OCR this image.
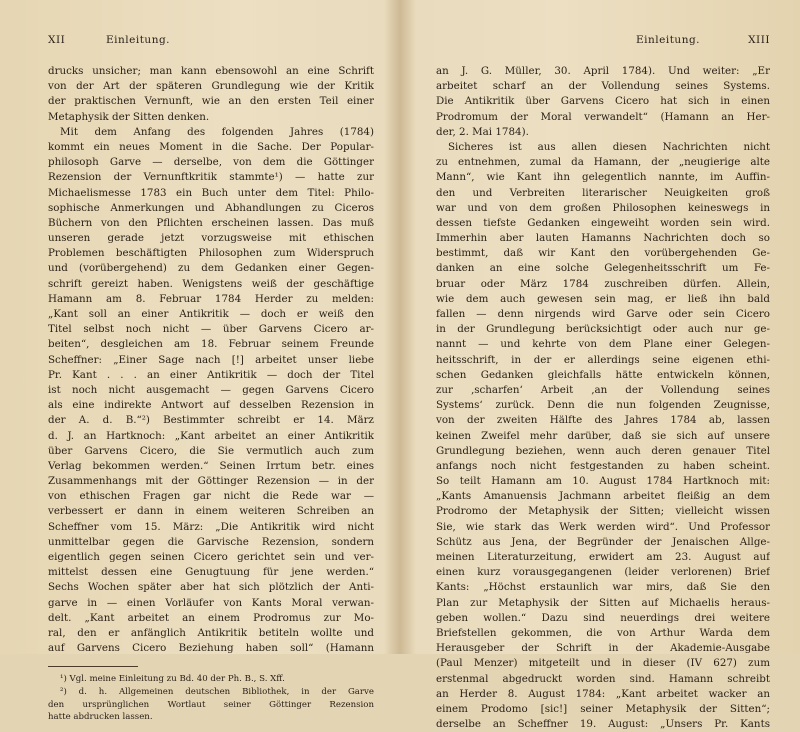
XII	Einleitung.
drucks unsicher; man kann ebensowohl an eine Schrift
von der Art der späteren Grundlegung wie der Kritik
der praktischen Vernunft, wie an den ersten Teil einer
Metaphysik der Sitten denken.
Mit dem Anfang des folgenden Jahres (1784)
kommt ein neues Moment in die Sache. Der Popular-
philosoph Garve — derselbe, von dem die Göttinger
Rezension der Vernunftkritik stammte¹) — hatte zur
Michaelismesse 1783 ein Buch unter dem Titel: Philo-
sophische Anmerkungen und Abhandlungen zu Ciceros
Büchern von den Pflichten erscheinen lassen. Das muß
unseren gerade jetzt vorzugsweise mit ethischen
Problemen beschäftigten Philosophen zum Widerspruch
und (vorübergehend) zu dem Gedanken einer Gegen-
schrift gereizt haben. Wenigstens weiß der geschäftige
Hamann am 8. Februar 1784 Herder zu melden:
„Kant soll an einer Antikritik — doch er weiß den
Titel selbst noch nicht — über Garvens Cicero ar-
beiten“, desgleichen am 18. Februar seinem Freunde
Scheffner: „Einer Sage nach [!] arbeitet unser liebe
Pr. Kant . . . an einer Antikritik — doch der Titel
ist noch nicht ausgemacht — gegen Garvens Cicero
als eine indirekte Antwort auf desselben Rezension in
der A. d. B.“²) Bestimmter schreibt er 14. März
d. J. an Hartknoch: „Kant arbeitet an einer Antikritik
über Garvens Cicero, die Sie vermutlich auch zum
Verlag bekommen werden.“ Seinen Irrtum betr. eines
Zusammenhangs mit der Göttinger Rezension — in der
von ethischen Fragen gar nicht die Rede war —
verbessert er dann in einem weiteren Schreiben an
Scheffner vom 15. März: „Die Antikritik wird nicht
unmittelbar gegen die Garvische Rezension, sondern
eigentlich gegen seinen Cicero gerichtet sein und ver-
mittelst dessen eine Genugtuung für jene werden.“
Sechs Wochen später aber hat sich plötzlich der Anti-
garve in — einen Vorläufer von Kants Moral verwan-
delt. „Kant arbeitet an einem Prodromus zur Mo-
ral, den er anfänglich Antikritik betiteln wollte und
auf Garvens Cicero Beziehung haben soll“ (Hamann
¹) Vgl. meine Einleitung zu Bd. 40 der Ph. B., S. Xff.
²) d. h. Allgemeinen deutschen Bibliothek, in der Garve
den ursprünglichen Wortlaut seiner Göttinger Rezension
hatte abdrucken lassen.
Einleitung.	XIII
an J. G. Müller, 30. April 1784). Und weiter: „Er
arbeitet scharf an der Vollendung seines Systems.
Die Antikritik über Garvens Cicero hat sich in einen
Prodromum der Moral verwandelt“ (Hamann an Her-
der, 2. Mai 1784).
Sicheres ist aus allen diesen Nachrichten nicht
zu entnehmen, zumal da Hamann, der „neugierige alte
Mann“, wie Kant ihn gelegentlich nannte, im Auffin-
den und Verbreiten literarischer Neuigkeiten groß
war und von dem großen Philosophen keineswegs in
dessen tiefste Gedanken eingeweiht worden sein wird.
Immerhin aber lauten Hamanns Nachrichten doch so
bestimmt, daß wir Kant den vorübergehenden Ge-
danken an eine solche Gelegenheitsschrift um Fe-
bruar oder März 1784 zuschreiben dürfen. Allein,
wie dem auch gewesen sein mag, er ließ ihn bald
fallen — denn nirgends wird Garve oder sein Cicero
in der Grundlegung berücksichtigt oder auch nur ge-
nannt — und kehrte von dem Plane einer Gelegen-
heitsschrift, in der er allerdings seine eigenen ethi-
schen Gedanken gleichfalls hätte entwickeln können,
zur ‚scharfen‘ Arbeit ‚an der Vollendung seines
Systems‘ zurück. Denn die nun folgenden Zeugnisse,
von der zweiten Hälfte des Jahres 1784 ab, lassen
keinen Zweifel mehr darüber, daß sie sich auf unsere
Grundlegung beziehen, wenn auch deren genauer Titel
anfangs noch nicht festgestanden zu haben scheint.
So teilt Hamann am 10. August 1784 Hartknoch mit:
„Kants Amanuensis Jachmann arbeitet fleißig an dem
Prodromo der Metaphysik der Sitten; vielleicht wissen
Sie, wie stark das Werk werden wird“. Und Professor
Schütz aus Jena, der Begründer der Jenaischen Allge-
meinen Literaturzeitung, erwidert am 23. August auf
einen kurz vorausgegangenen (leider verlorenen) Brief
Kants: „Höchst erstaunlich war mirs, daß Sie den
Plan zur Metaphysik der Sitten auf Michaelis heraus-
geben wollen.“ Dazu sind neuerdings drei weitere
Briefstellen gekommen, die von Arthur Warda dem
Herausgeber der Schrift in der Akademie-Ausgabe
(Paul Menzer) mitgeteilt und in dieser (IV 627) zum
erstenmal abgedruckt worden sind. Hamann schreibt
an Herder 8. August 1784: „Kant arbeitet wacker an
einem Prodomo [sic!] seiner Metaphysik der Sitten“;
derselbe an Scheffner 19. August: „Unsers Pr. Kants
